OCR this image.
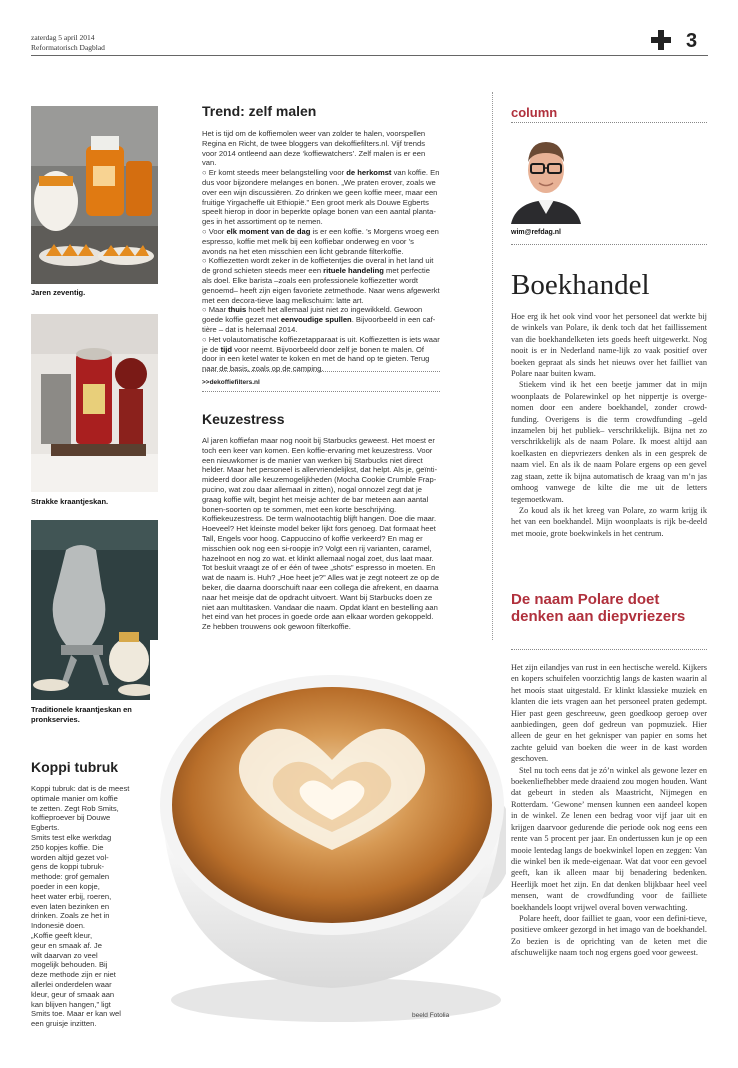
zaterdag 5 april 2014
Reformatorisch Dagblad	3
Jaren zeventig.
Strakke kraantjeskan.
Traditionele kraantjeskan en pronkservies.
Koppi tubruk
Koppi tubruk: dat is de meest
optimale manier om koffie
te zetten. Zegt Rob Smits,
koffieproever bij Douwe
Egberts.
Smits test elke werkdag
250 kopjes koffie. Die
worden altijd gezet vol-
gens de koppi tubruk-
methode: grof gemalen
poeder in een kopje,
heet water erbij, roeren,
even laten bezinken en
drinken. Zoals ze het in
Indonesië doen.
„Koffie geeft kleur,
geur en smaak af. Je
wilt daarvan zo veel
mogelijk behouden. Bij
deze methode zijn er niet
allerlei onderdelen waar
kleur, geur of smaak aan
kan blijven hangen,” ligt
Smits toe. Maar er kan wel
een gruisje inzitten.
Trend: zelf malen

Het is tijd om de koffiemolen weer van zolder te halen, voorspellen Regina en Richt, de twee bloggers van dekoffiefilters.nl. Vijf trends voor 2014 ontleend aan deze ‘koffiewatchers’. Zelf malen is er een van.

○ Er komt steeds meer belangstelling voor de herkomst van koffie. En dus voor bijzondere melanges en bonen. „We praten erover, zoals we over een wijn discussiëren. Zo drinken we geen koffie meer, maar een fruitige Yirgacheffe uit Ethiopië.” Een groot merk als Douwe Egberts speelt hierop in door in beperkte oplage bonen van een aantal planta-ges in het assortiment op te nemen.

○ Voor elk moment van de dag is er een koffie. ’s Morgens vroeg een espresso, koffie met melk bij een koffiebar onderweg en voor ’s avonds na het eten misschien een licht gebrande filterkoffie.

○ Koffiezetten wordt zeker in de koffietentjes die overal in het land uit de grond schieten steeds meer een rituele handeling met perfectie als doel. Elke barista –zoals een professionele koffiezetter wordt genoemd– heeft zijn eigen favoriete zetmethode. Naar wens afgewerkt met een decora-tieve laag melkschuim: latte art.

○ Maar thuis hoeft het allemaal juist niet zo ingewikkeld. Gewoon goede koffie gezet met eenvoudige spullen. Bijvoorbeeld in een caf-tière – dat is helemaal 2014.

○ Het volautomatische koffiezetapparaat is uit. Koffiezetten is iets waar je de tijd voor neemt. Bijvoorbeeld door zelf je bonen te malen. Of door in een ketel water te koken en met de hand op te gieten. Terug naar de basis, zoals op de camping.

>>dekoffiefilters.nl
Keuzestress
Al jaren koffiefan maar nog nooit bij Starbucks geweest. Het moest er toch een keer van komen. Een koffie-ervaring met keuzestress. Voor een nieuwkomer is de manier van werken bij Starbucks niet direct helder. Maar het personeel is allervriendelijkst, dat helpt. Als je, geïnti-mideerd door alle keuzemogelijkheden (Mocha Cookie Crumble Frap-pucino, wat zou daar allemaal in zitten), nogal onnozel zegt dat je graag koffie wilt, begint het meisje achter de bar meteen aan aantal bonen-soorten op te sommen, met een korte beschrijving. Koffiekeuzestress. De term walnootachtig blijft hangen. Doe die maar. Hoeveel? Het kleinste model beker lijkt fors genoeg. Dat formaat heet Tall, Engels voor hoog. Cappuccino of koffie verkeerd? En mag er misschien ook nog een si-roopje in? Volgt een rij varianten, caramel, hazelnoot en nog zo wat. et klinkt allemaal nogal zoet, dus laat maar. Tot besluit vraagt ze of er één of twee „shots” espresso in moeten. En wat de naam is. Huh? „Hoe heet je?” Alles wat je zegt noteert ze op de beker, die daarna doorschuift naar een collega die afrekent, en daarna naar het meisje dat de opdracht uitvoert. Want bij Starbucks doen ze niet aan multitasken. Vandaar die naam. Opdat klant en bestelling aan het eind van het proces in goede orde aan elkaar worden gekoppeld. Ze hebben trouwens ook gewoon filterkoffie.
column
wim@refdag.nl
Boekhandel

Hoe erg ik het ook vind voor het personeel dat werkte bij de winkels van Polare, ik denk toch dat het faillissement van die boekhandelketen iets goeds heeft uitgewerkt. Nog nooit is er in Nederland name-lijk zo vaak positief over boeken gepraat als sinds het nieuws over het failliet van Polare naar buiten kwam.

Stiekem vind ik het een beetje jammer dat in mijn woonplaats de Polarewinkel op het nippertje is overge-nomen door een andere boekhandel, zonder crowd-funding. Overigens is die term crowdfunding –geld inzamelen bij het publiek– verschrikkelijk. Bijna net zo verschrikkelijk als de naam Polare. Ik moest altijd aan koelkasten en diepvriezers denken als in een gesprek de naam viel. En als ik de naam Polare ergens op een gevel zag staan, zette ik bijna automatisch de kraag van m’n jas omhoog vanwege de kilte die me uit de letters tegemoetkwam.

Zo koud als ik het kreeg van Polare, zo warm krijg ik het van een boekhandel. Mijn woonplaats is rijk be-deeld met mooie, grote boekwinkels in het centrum.

De naam Polare doet denken aan diepvriezers

Het zijn eilandjes van rust in een hectische wereld. Kijkers en kopers schuifelen voorzichtig langs de kasten waarin al het mooís staat uitgestald. Er klinkt klassieke muziek en klanten die iets vragen aan het personeel praten gedempt. Hier past geen geschreeuw, geen goedkoop geroep over aanbiedingen, geen dof gedreun van popmuziek. Hier alleen de geur en het geknisper van papier en soms het zachte geluid van boeken die weer in de kast worden geschoven.

Stel nu toch eens dat je zó’n winkel als gewone lezer en boekenliefhebber mede draaiend zou mogen houden. Want dat gebeurt in steden als Maastricht, Nijmegen en Rotterdam. ‘Gewone’ mensen kunnen een aandeel kopen in de winkel. Ze lenen een bedrag voor vijf jaar uit en krijgen daarvoor gedurende die periode ook nog eens een rente van 5 procent per jaar. En ondertussen kun je op een mooie lentedag langs de boekwinkel lopen en zeggen: Van die winkel ben ik mede-eigenaar. Wat dat voor een gevoel geeft, kan ik alleen maar bij benadering bedenken. Heerlijk moet het zijn. En dat denken blijkbaar heel veel mensen, want de crowdfunding voor de failliete boekhandels loopt vrijwel overal boven verwachting.

Polare heeft, door failliet te gaan, voor een defini-tieve, positieve omkeer gezorgd in het imago van de boekhandel. Zo bezien is de oprichting van de keten met die afschuwelijke naam toch nog ergens goed voor geweest.

beeld Fotolia
